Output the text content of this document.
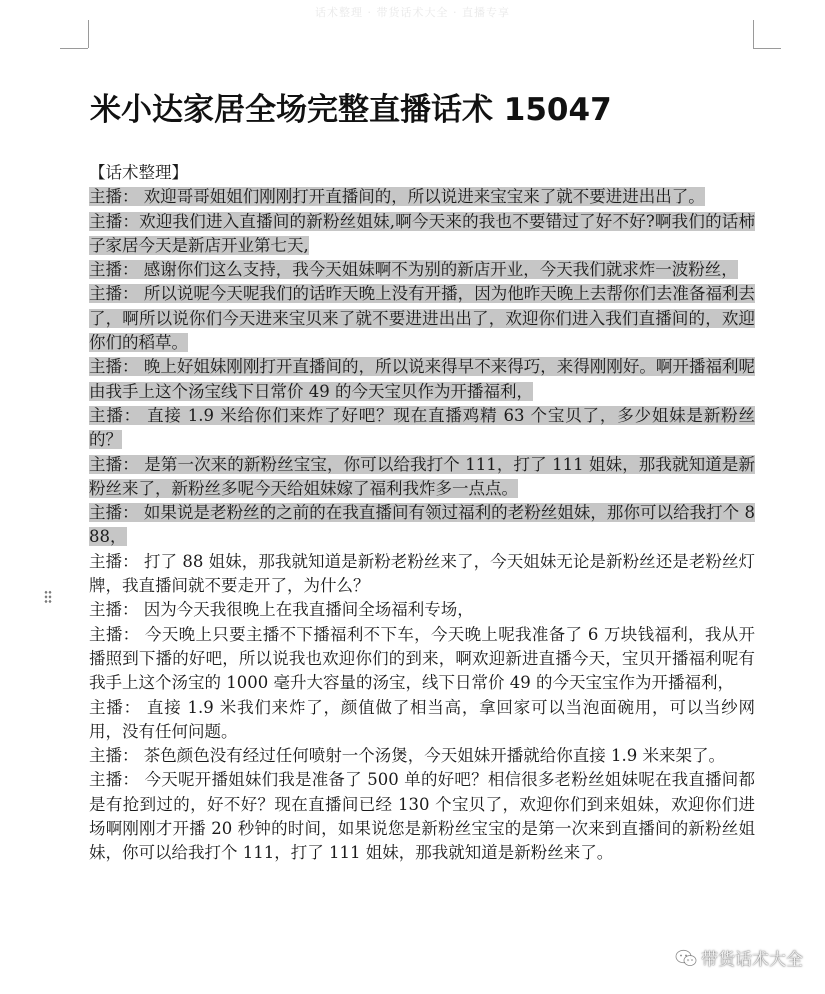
话术整理 · 带货话术大全 · 直播专享
米小达家居全场完整直播话术 15047
【话术整理】

主播： 欢迎哥哥姐姐们刚刚打开直播间的，所以说进来宝宝来了就不要进进出出了。

主播：欢迎我们进入直播间的新粉丝姐妹,啊今天来的我也不要错过了好不好?啊我们的话柿子家居今天是新店开业第七天,

主播： 感谢你们这么支持，我今天姐妹啊不为别的新店开业，今天我们就求炸一波粉丝，

主播： 所以说呢今天呢我们的话昨天晚上没有开播，因为他昨天晚上去帮你们去准备福利去了，啊所以说你们今天进来宝贝来了就不要进进出出了，欢迎你们进入我们直播间的，欢迎你们的稻草。

主播： 晚上好姐妹刚刚打开直播间的，所以说来得早不来得巧，来得刚刚好。啊开播福利呢由我手上这个汤宝线下日常价 49 的今天宝贝作为开播福利，

主播： 直接 1.9 米给你们来炸了好吧？现在直播鸡精 63 个宝贝了，多少姐妹是新粉丝的？

主播： 是第一次来的新粉丝宝宝，你可以给我打个 111，打了 111 姐妹，那我就知道是新粉丝来了，新粉丝多呢今天给姐妹嫁了福利我炸多一点点。

主播： 如果说是老粉丝的之前的在我直播间有领过福利的老粉丝姐妹，那你可以给我打个 888，

主播： 打了 88 姐妹，那我就知道是新粉老粉丝来了，今天姐妹无论是新粉丝还是老粉丝灯牌，我直播间就不要走开了，为什么？

主播： 因为今天我很晚上在我直播间全场福利专场，

主播： 今天晚上只要主播不下播福利不下车，今天晚上呢我准备了 6 万块钱福利，我从开播照到下播的好吧，所以说我也欢迎你们的到来，啊欢迎新进直播今天，宝贝开播福利呢有我手上这个汤宝的 1000 毫升大容量的汤宝，线下日常价 49 的今天宝宝作为开播福利，

主播： 直接 1.9 米我们来炸了，颜值做了相当高，拿回家可以当泡面碗用，可以当纱网用，没有任何问题。

主播： 茶色颜色没有经过任何喷射一个汤煲，今天姐妹开播就给你直接 1.9 米来架了。

主播： 今天呢开播姐妹们我是准备了 500 单的好吧？相信很多老粉丝姐妹呢在我直播间都是有抢到过的，好不好？现在直播间已经 130 个宝贝了，欢迎你们到来姐妹，欢迎你们进场啊刚刚才开播 20 秒钟的时间，如果说您是新粉丝宝宝的是第一次来到直播间的新粉丝姐妹，你可以给我打个 111，打了 111 姐妹，那我就知道是新粉丝来了。

带货话术大全
